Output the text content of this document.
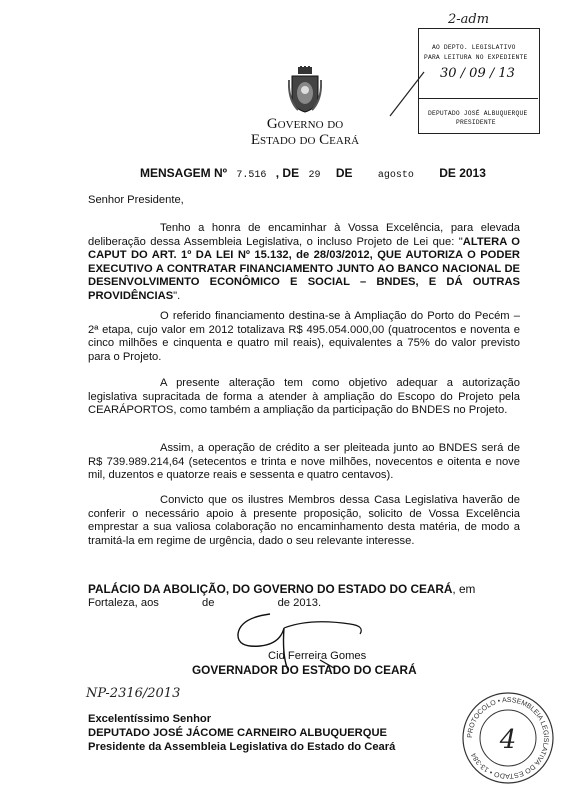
2-adm
AO DEPTO. LEGISLATIVO
PARA LEITURA NO EXPEDIENTE
30 / 09 / 13
DEPUTADO JOSÉ ALBUQUERQUE
PRESIDENTE
Governo do
Estado do Ceará
MENSAGEM Nº 7.516 , DE 29 DE	agosto DE 2013
Senhor Presidente,
Tenho a honra de encaminhar à Vossa Excelência, para elevada deliberação dessa Assembleia Legislativa, o incluso Projeto de Lei que: "ALTERA O CAPUT DO ART. 1º DA LEI Nº 15.132, de 28/03/2012, QUE AUTORIZA O PODER EXECUTIVO A CONTRATAR FINANCIAMENTO JUNTO AO BANCO NACIONAL DE DESENVOLVIMENTO ECONÔMICO E SOCIAL – BNDES, E DÁ OUTRAS PROVIDÊNCIAS".
O referido financiamento destina-se à Ampliação do Porto do Pecém – 2ª etapa, cujo valor em 2012 totalizava R$ 495.054.000,00 (quatrocentos e noventa e cinco milhões e cinquenta e quatro mil reais), equivalentes a 75% do valor previsto para o Projeto.
A presente alteração tem como objetivo adequar a autorização legislativa supracitada de forma a atender à ampliação do Escopo do Projeto pela CEARÁPORTOS, como também a ampliação da participação do BNDES no Projeto.
Assim, a operação de crédito a ser pleiteada junto ao BNDES será de R$ 739.989.214,64 (setecentos e trinta e nove milhões, novecentos e oitenta e nove mil, duzentos e quatorze reais e sessenta e quatro centavos).
Convicto que os ilustres Membros dessa Casa Legislativa haverão de conferir o necessário apoio à presente proposição, solicito de Vossa Excelência emprestar a sua valiosa colaboração no encaminhamento desta matéria, de modo a tramitá-la em regime de urgência, dado o seu relevante interesse.
PALÁCIO DA ABOLIÇÃO, DO GOVERNO DO ESTADO DO CEARÁ, em
Fortaleza, aos	de	de 2013.
Cid Ferreira Gomes
GOVERNADOR DO ESTADO DO CEARÁ
NP-2316/2013
Excelentíssimo Senhor
DEPUTADO JOSÉ JÁCOME CARNEIRO ALBUQUERQUE
Presidente da Assembleia Legislativa do Estado do Ceará
PROTOCOLO • ASSEMBLEIA LEGISLATIVA DO ESTADO • 13-384 4
